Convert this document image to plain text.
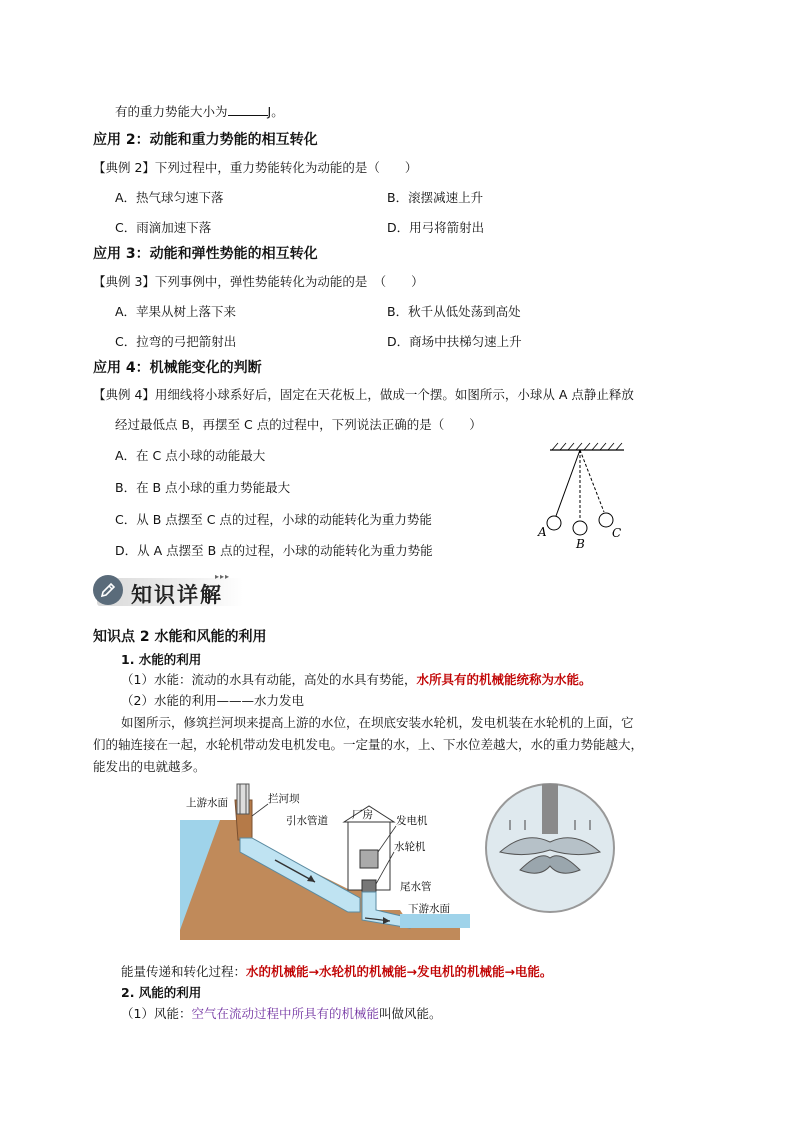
有的重力势能大小为	J。
应用 2：动能和重力势能的相互转化
【典例 2】下列过程中，重力势能转化为动能的是（　　）
A．热气球匀速下落	B．滚摆减速上升
C．雨滴加速下落	D．用弓将箭射出
应用 3：动能和弹性势能的相互转化
【典例 3】下列事例中，弹性势能转化为动能的是　（　　）
A．苹果从树上落下来	B．秋千从低处荡到高处
C．拉弯的弓把箭射出	D．商场中扶梯匀速上升
应用 4：机械能变化的判断
【典例 4】用细线将小球系好后，固定在天花板上，做成一个摆。如图所示，小球从 A 点静止释放
经过最低点 B，再摆至 C 点的过程中，下列说法正确的是（　　）
A．在 C 点小球的动能最大
B．在 B 点小球的重力势能最大
C．从 B 点摆至 C 点的过程，小球的动能转化为重力势能
D．从 A 点摆至 B 点的过程，小球的动能转化为重力势能
A
B
C
知识详解
▸▸▸
知识点 2 水能和风能的利用
1. 水能的利用
（1）水能：流动的水具有动能，高处的水具有势能，水所具有的机械能统称为水能。
（2）水能的利用———水力发电
如图所示，修筑拦河坝来提高上游的水位，在坝底安装水轮机，发电机装在水轮机的上面，它
们的轴连接在一起，水轮机带动发电机发电。一定量的水，上、下水位差越大，水的重力势能越大，
能发出的电就越多。
上游水面	拦河坝
引水管道 厂房 发电机
水轮机
尾水管
下游水面
能量传递和转化过程：水的机械能→水轮机的机械能→发电机的机械能→电能。
2. 风能的利用
（1）风能：空气在流动过程中所具有的机械能叫做风能。
